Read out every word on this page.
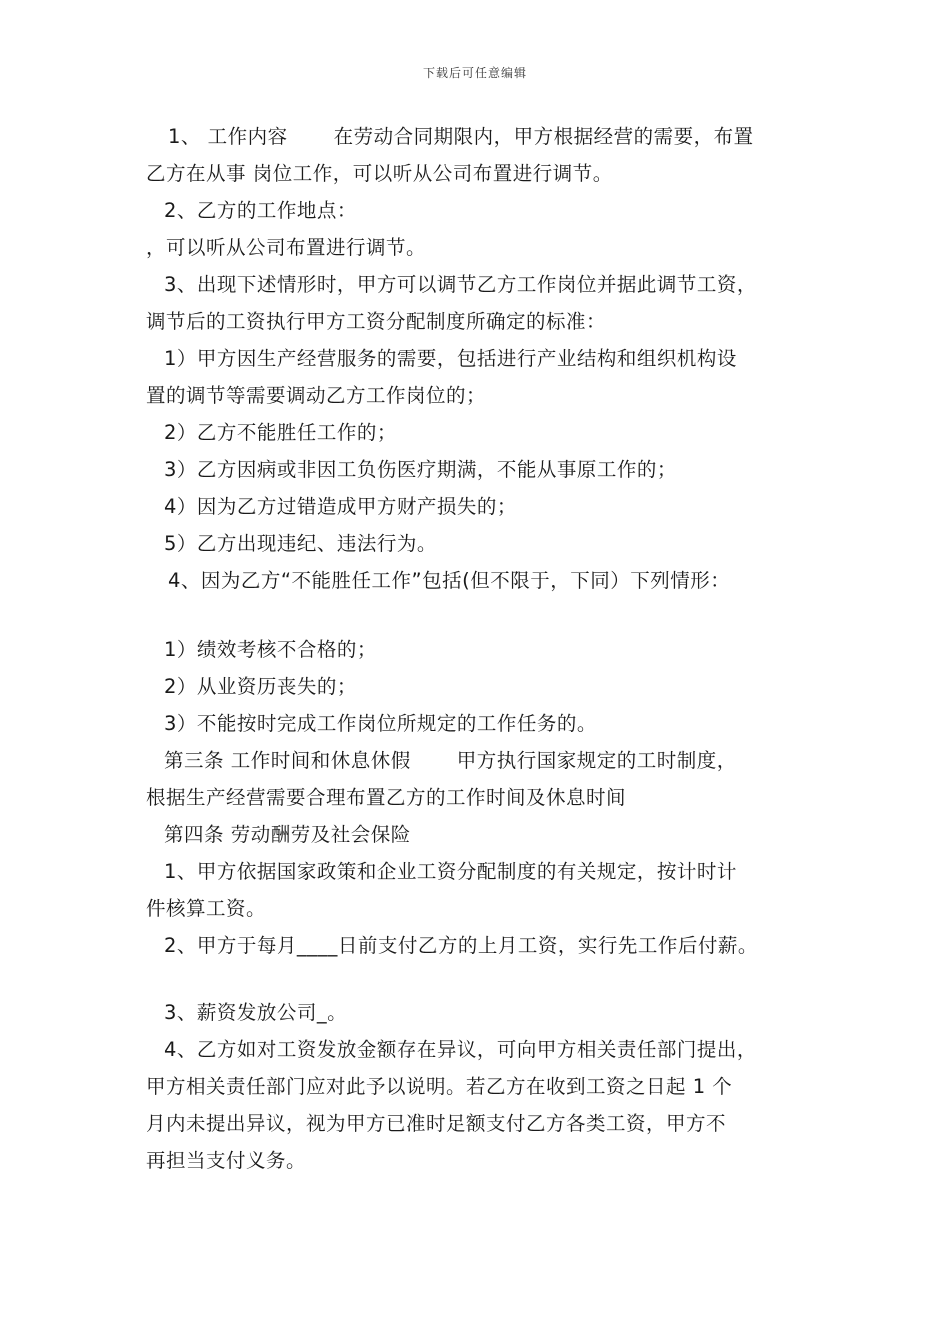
下载后可任意编辑
1、 工作内容 在劳动合同期限内，甲方根据经营的需要，布置
乙方在从事 岗位工作，可以听从公司布置进行调节。
2、乙方的工作地点：
，可以听从公司布置进行调节。
3、出现下述情形时，甲方可以调节乙方工作岗位并据此调节工资，
调节后的工资执行甲方工资分配制度所确定的标准：
1）甲方因生产经营服务的需要，包括进行产业结构和组织机构设
置的调节等需要调动乙方工作岗位的；
2）乙方不能胜任工作的；
3）乙方因病或非因工负伤医疗期满，不能从事原工作的；
4）因为乙方过错造成甲方财产损失的；
5）乙方出现违纪、违法行为。
4、因为乙方“不能胜任工作”包括(但不限于，下同）下列情形：
1）绩效考核不合格的；
2）从业资历丧失的；
3）不能按时完成工作岗位所规定的工作任务的。
第三条 工作时间和休息休假 甲方执行国家规定的工时制度，
根据生产经营需要合理布置乙方的工作时间及休息时间
第四条 劳动酬劳及社会保险
1、甲方依据国家政策和企业工资分配制度的有关规定，按计时计
件核算工资。
2、甲方于每月____日前支付乙方的上月工资，实行先工作后付薪。
3、薪资发放公司_。
4、乙方如对工资发放金额存在异议，可向甲方相关责任部门提出，
甲方相关责任部门应对此予以说明。若乙方在收到工资之日起 1 个
月内未提出异议，视为甲方已准时足额支付乙方各类工资，甲方不
再担当支付义务。
